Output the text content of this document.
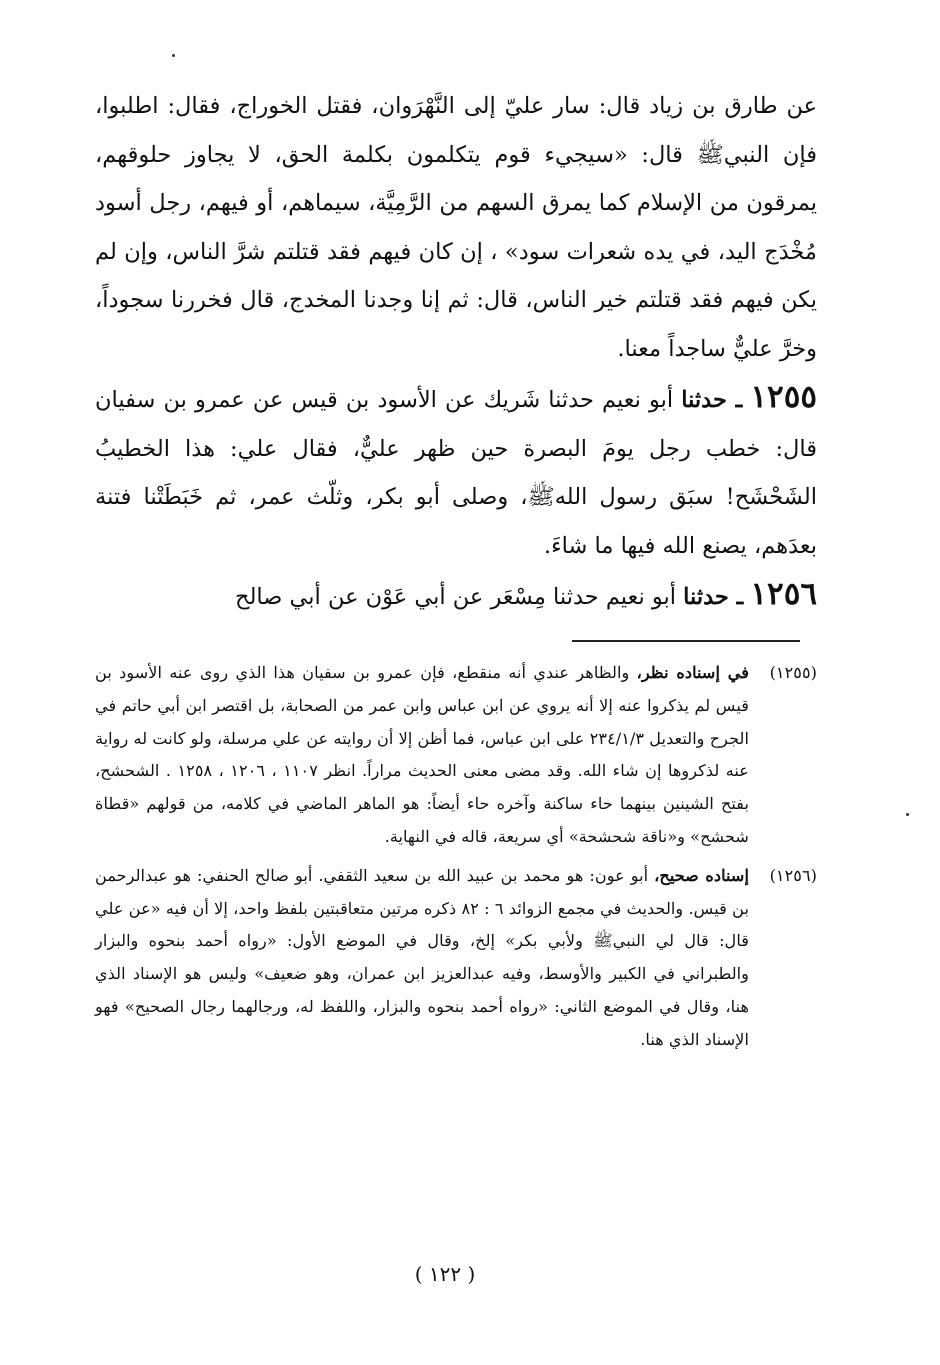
عن طارق بن زياد قال: سار عليّ إلى النَّهْرَوان، فقتل الخوراج، فقال: اطلبوا، فإن النبيﷺ قال: «سيجيء قوم يتكلمون بكلمة الحق، لا يجاوز حلوقهم، يمرقون من الإسلام كما يمرق السهم من الرَّمِيَّة، سيماهم، أو فيهم، رجل أسود مُخْدَج اليد، في يده شعرات سود» ، إن كان فيهم فقد قتلتم شرَّ الناس، وإن لم يكن فيهم فقد قتلتم خير الناس، قال: ثم إنا وجدنا المخدج، قال فخررنا سجوداً، وخرَّ عليٌّ ساجداً معنا.

١٢٥٥ ـ حدثنا أبو نعيم حدثنا شَريك عن الأسود بن قيس عن عمرو بن سفيان قال: خطب رجل يومَ البصرة حين ظهر عليٌّ، فقال علي: هذا الخطيبُ الشَحْشَح! سبَق رسول اللهﷺ، وصلى أبو بكر، وثلّث عمر، ثم خَبَطَتْنا فتنة بعدَهم، يصنع الله فيها ما شاءَ.

١٢٥٦ ـ حدثنا أبو نعيم حدثنا مِسْعَر عن أبي عَوْن عن أبي صالح

(١٢٥٥)
في إسناده نظر، والظاهر عندي أنه منقطع، فإن عمرو بن سفيان هذا الذي روى عنه الأسود بن قيس لم يذكروا عنه إلا أنه يروي عن ابن عباس وابن عمر من الصحابة، بل اقتصر ابن أبي حاتم في الجرح والتعديل ٢٣٤/١/٣ على ابن عباس، فما أظن إلا أن روايته عن علي مرسلة، ولو كانت له رواية عنه لذكروها إن شاء الله. وقد مضى معنى الحديث مراراً. انظر ١١٠٧ ، ١٢٠٦ ، ١٢٥٨ . الشحشح، بفتح الشينين بينهما حاء ساكنة وآخره حاء أيضاً: هو الماهر الماضي في كلامه، من قولهم «قطاة شحشح» و«ناقة شحشحة» أي سريعة، قاله في النهاية.

(١٢٥٦)
إسناده صحيح، أبو عون: هو محمد بن عبيد الله بن سعيد الثقفي. أبو صالح الحنفي: هو عبدالرحمن بن قيس. والحديث في مجمع الزوائد ٦ : ٨٢ ذكره مرتين متعاقبتين بلفظ واحد، إلا أن فيه «عن علي قال: قال لي النبيﷺ ولأبي بكر» إلخ، وقال في الموضع الأول: «رواه أحمد بنحوه والبزار والطبراني في الكبير والأوسط، وفيه عبدالعزيز ابن عمران، وهو ضعيف» وليس هو الإسناد الذي هنا، وقال في الموضع الثاني: «رواه أحمد بنحوه والبزار، واللفظ له، ورجالهما رجال الصحيح» فهو الإسناد الذي هنا.

( ١٢٢ )
